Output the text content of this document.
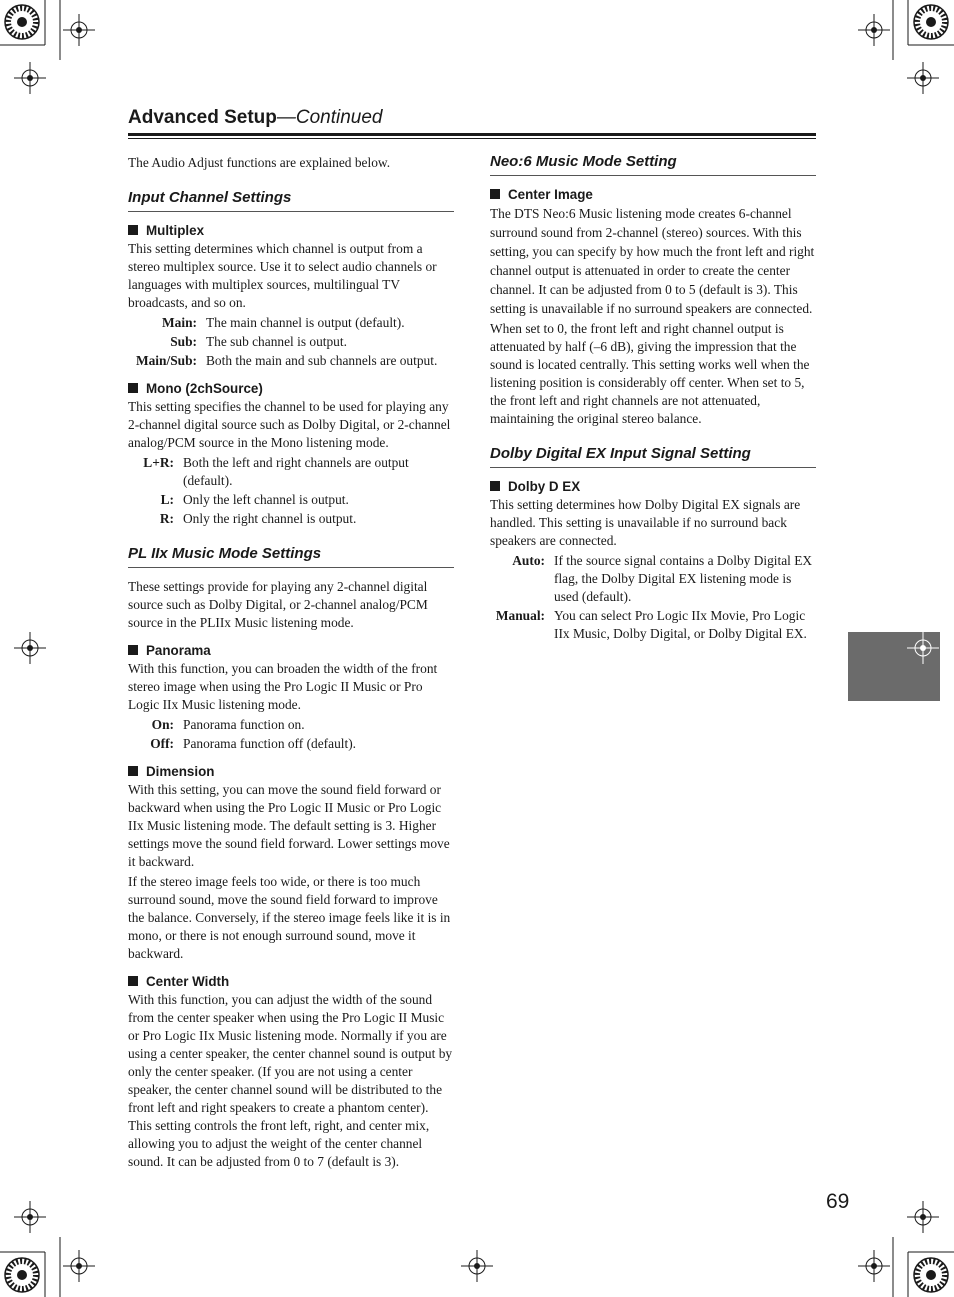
Advanced Setup—Continued

The Audio Adjust functions are explained below.

Input Channel Settings
Multiplex

This setting determines which channel is output from a stereo multiplex source. Use it to select audio channels or languages with multiplex sources, multilingual TV broadcasts, and so on.

Main: The main channel is output (default).
Sub: The sub channel is output.
Main/Sub: Both the main and sub channels are output.
Mono (2chSource)

This setting specifies the channel to be used for playing any 2-channel digital source such as Dolby Digital, or 2-channel analog/PCM source in the Mono listening mode.

L+R: Both the left and right channels are output (default).
L: Only the left channel is output.
R: Only the right channel is output.
PL IIx Music Mode Settings

These settings provide for playing any 2-channel digital source such as Dolby Digital, or 2-channel analog/PCM source in the PLIIx Music listening mode.

Panorama

With this function, you can broaden the width of the front stereo image when using the Pro Logic II Music or Pro Logic IIx Music listening mode.

On: Panorama function on.
Off: Panorama function off (default).
Dimension

With this setting, you can move the sound field forward or backward when using the Pro Logic II Music or Pro Logic IIx Music listening mode. The default setting is 3. Higher settings move the sound field forward. Lower settings move it backward.

If the stereo image feels too wide, or there is too much surround sound, move the sound field forward to improve the balance. Conversely, if the stereo image feels like it is in mono, or there is not enough surround sound, move it backward.

Center Width

With this function, you can adjust the width of the sound from the center speaker when using the Pro Logic II Music or Pro Logic IIx Music listening mode. Normally if you are using a center speaker, the center channel sound is output by only the center speaker. (If you are not using a center speaker, the center channel sound will be distributed to the front left and right speakers to create a phantom center). This setting controls the front left, right, and center mix, allowing you to adjust the weight of the center channel sound. It can be adjusted from 0 to 7 (default is 3).

Neo:6 Music Mode Setting
Center Image

The DTS Neo:6 Music listening mode creates 6-channel surround sound from 2-channel (stereo) sources. With this setting, you can specify by how much the front left and right channel output is attenuated in order to create the center channel. It can be adjusted from 0 to 5 (default is 3). This setting is unavailable if no surround speakers are connected.

When set to 0, the front left and right channel output is attenuated by half (–6 dB), giving the impression that the sound is located centrally. This setting works well when the listening position is considerably off center. When set to 5, the front left and right channels are not attenuated, maintaining the original stereo balance.

Dolby Digital EX Input Signal Setting
Dolby D EX

This setting determines how Dolby Digital EX signals are handled. This setting is unavailable if no surround back speakers are connected.

Auto: If the source signal contains a Dolby Digital EX flag, the Dolby Digital EX listening mode is used (default).
Manual: You can select Pro Logic IIx Movie, Pro Logic IIx Music, Dolby Digital, or Dolby Digital EX.
69
